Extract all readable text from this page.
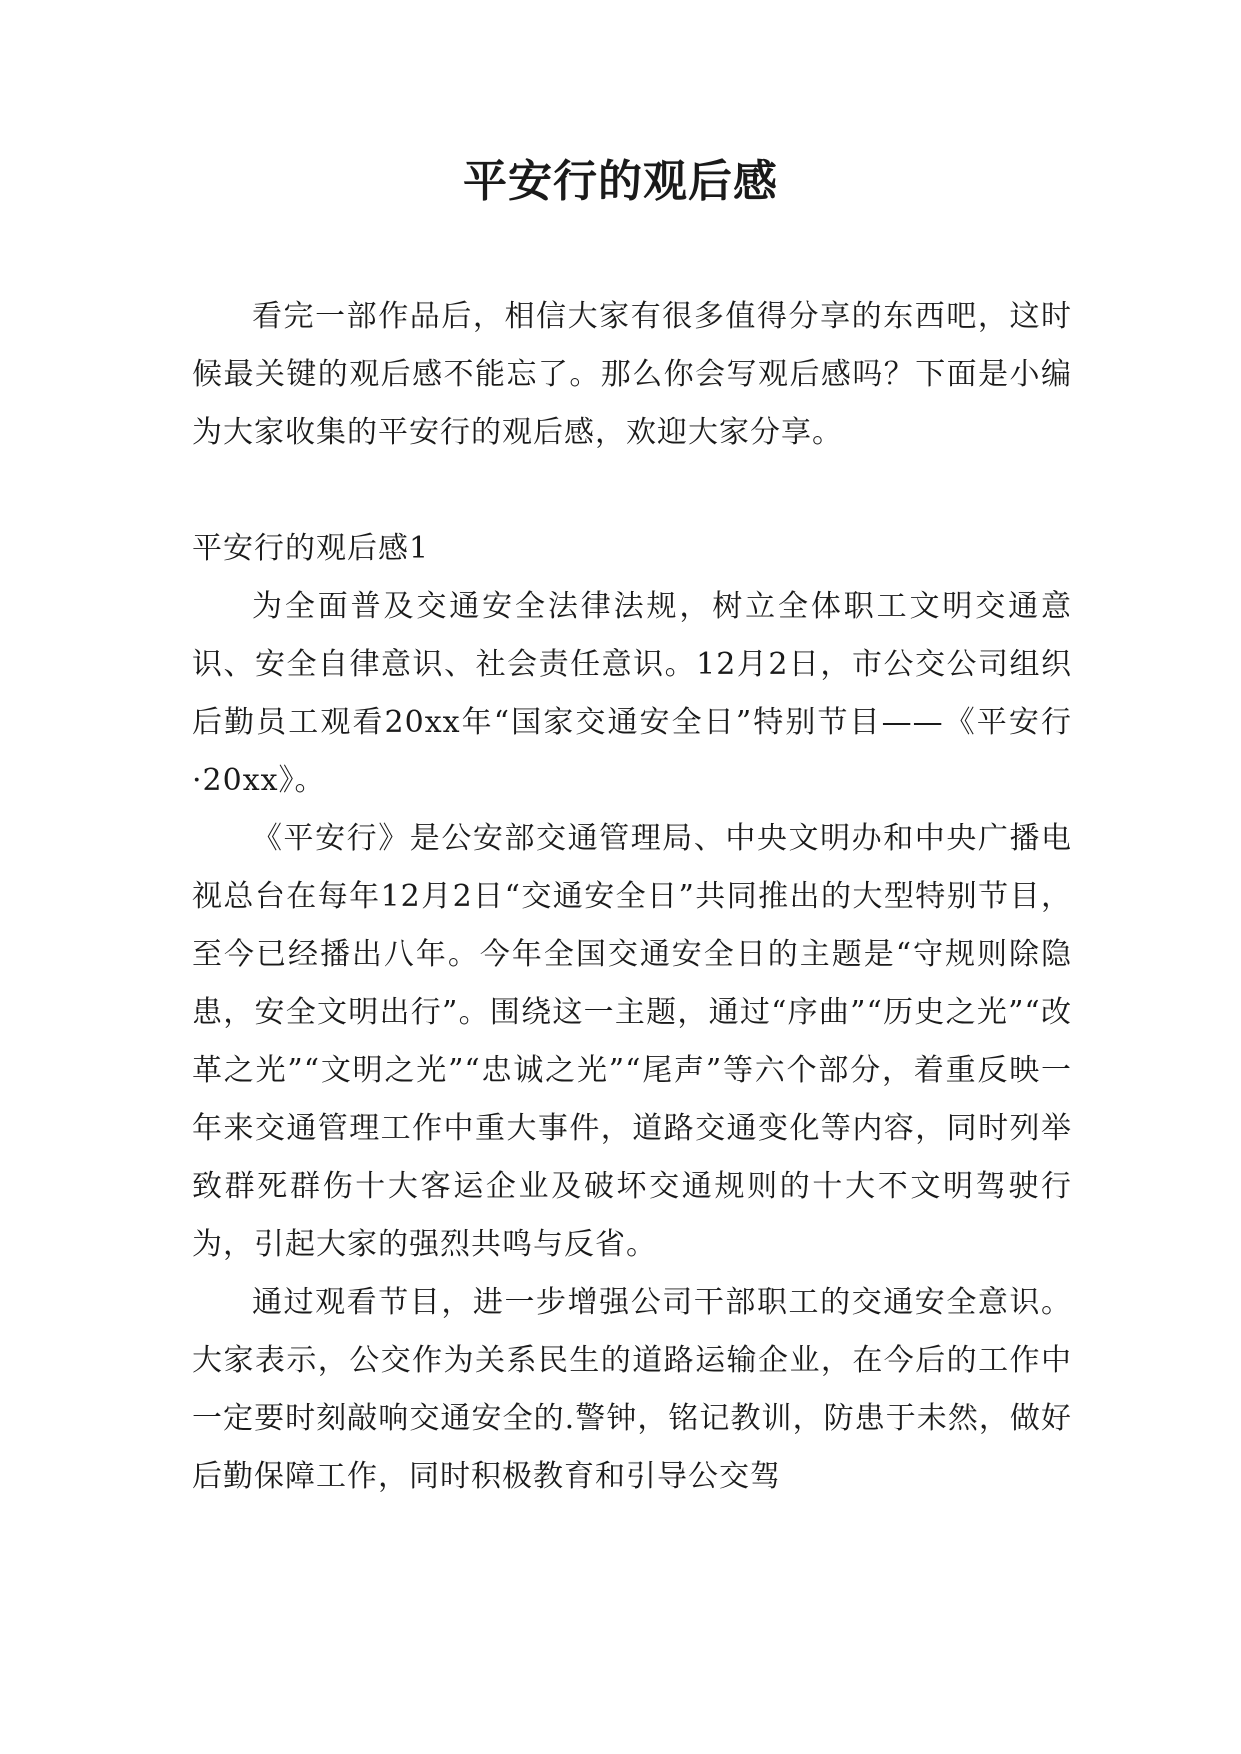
平安行的观后感

看完一部作品后，相信大家有很多值得分享的东西吧，这时候最关键的观后感不能忘了。那么你会写观后感吗？下面是小编为大家收集的平安行的观后感，欢迎大家分享。

平安行的观后感1

为全面普及交通安全法律法规，树立全体职工文明交通意识、安全自律意识、社会责任意识。12月2日，市公交公司组织后勤员工观看20xx年“国家交通安全日”特别节目——《平安行·20xx》。

《平安行》是公安部交通管理局、中央文明办和中央广播电视总台在每年12月2日“交通安全日”共同推出的大型特别节目，至今已经播出八年。今年全国交通安全日的主题是“守规则除隐患，安全文明出行”。围绕这一主题，通过“序曲”“历史之光”“改革之光”“文明之光”“忠诚之光”“尾声”等六个部分，着重反映一年来交通管理工作中重大事件，道路交通变化等内容，同时列举致群死群伤十大客运企业及破坏交通规则的十大不文明驾驶行为，引起大家的强烈共鸣与反省。

通过观看节目，进一步增强公司干部职工的交通安全意识。大家表示，公交作为关系民生的道路运输企业，在今后的工作中一定要时刻敲响交通安全的.警钟，铭记教训，防患于未然，做好后勤保障工作，同时积极教育和引导公交驾
